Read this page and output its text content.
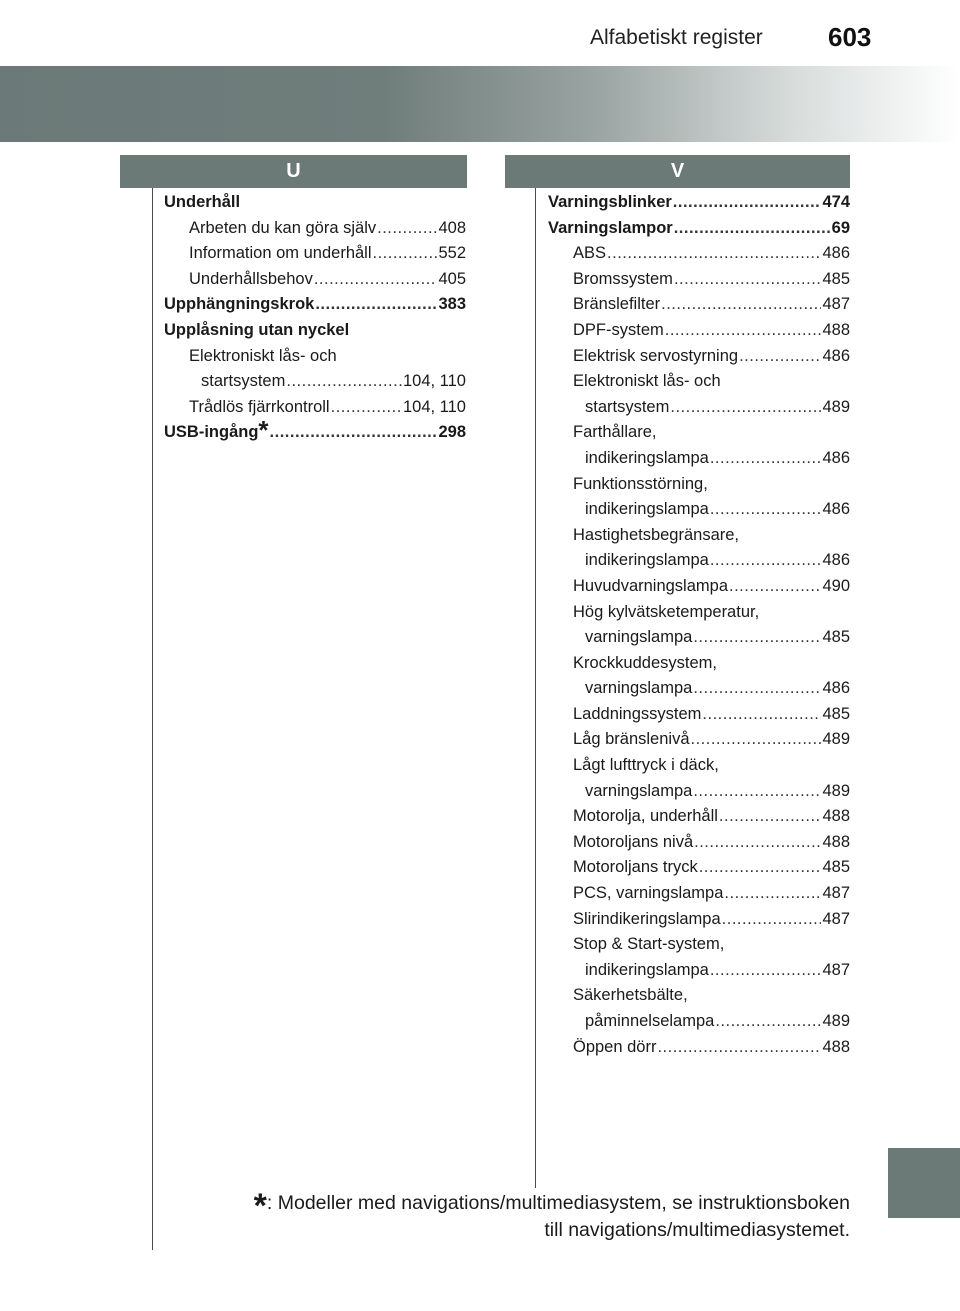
Alfabetiskt register	603
U	V
Underhåll
Arbeten du kan göra själv .....	408
Information om underhåll .....	552
Underhållsbehov .....	405
Upphängningskrok .....	383
Upplåsning utan nyckel
Elektroniskt lås- och
startsystem .....	104, 110
Trådlös fjärrkontroll .....	104, 110
USB-ingång* .....	298
Varningsblinker .....	474
Varningslampor .....	69
ABS .....	486
Bromssystem .....	485
Bränslefilter .....	487
DPF-system .....	488
Elektrisk servostyrning .....	486
Elektroniskt lås- och
startsystem .....	489
Farthållare,
indikeringslampa .....	486
Funktionsstörning,
indikeringslampa .....	486
Hastighetsbegränsare,
indikeringslampa .....	486
Huvudvarningslampa .....	490
Hög kylvätsketemperatur,
varningslampa .....	485
Krockkuddesystem,
varningslampa .....	486
Laddningssystem .....	485
Låg bränslenivå .....	489
Lågt lufttryck i däck,
varningslampa .....	489
Motorolja, underhåll .....	488
Motoroljans nivå .....	488
Motoroljans tryck .....	485
PCS, varningslampa .....	487
Slirindikeringslampa .....	487
Stop & Start-system,
indikeringslampa .....	487
Säkerhetsbälte,
påminnelselampa .....	489
Öppen dörr .....	488
*: Modeller med navigations/multimediasystem, se instruktionsboken
till navigations/multimediasystemet.
